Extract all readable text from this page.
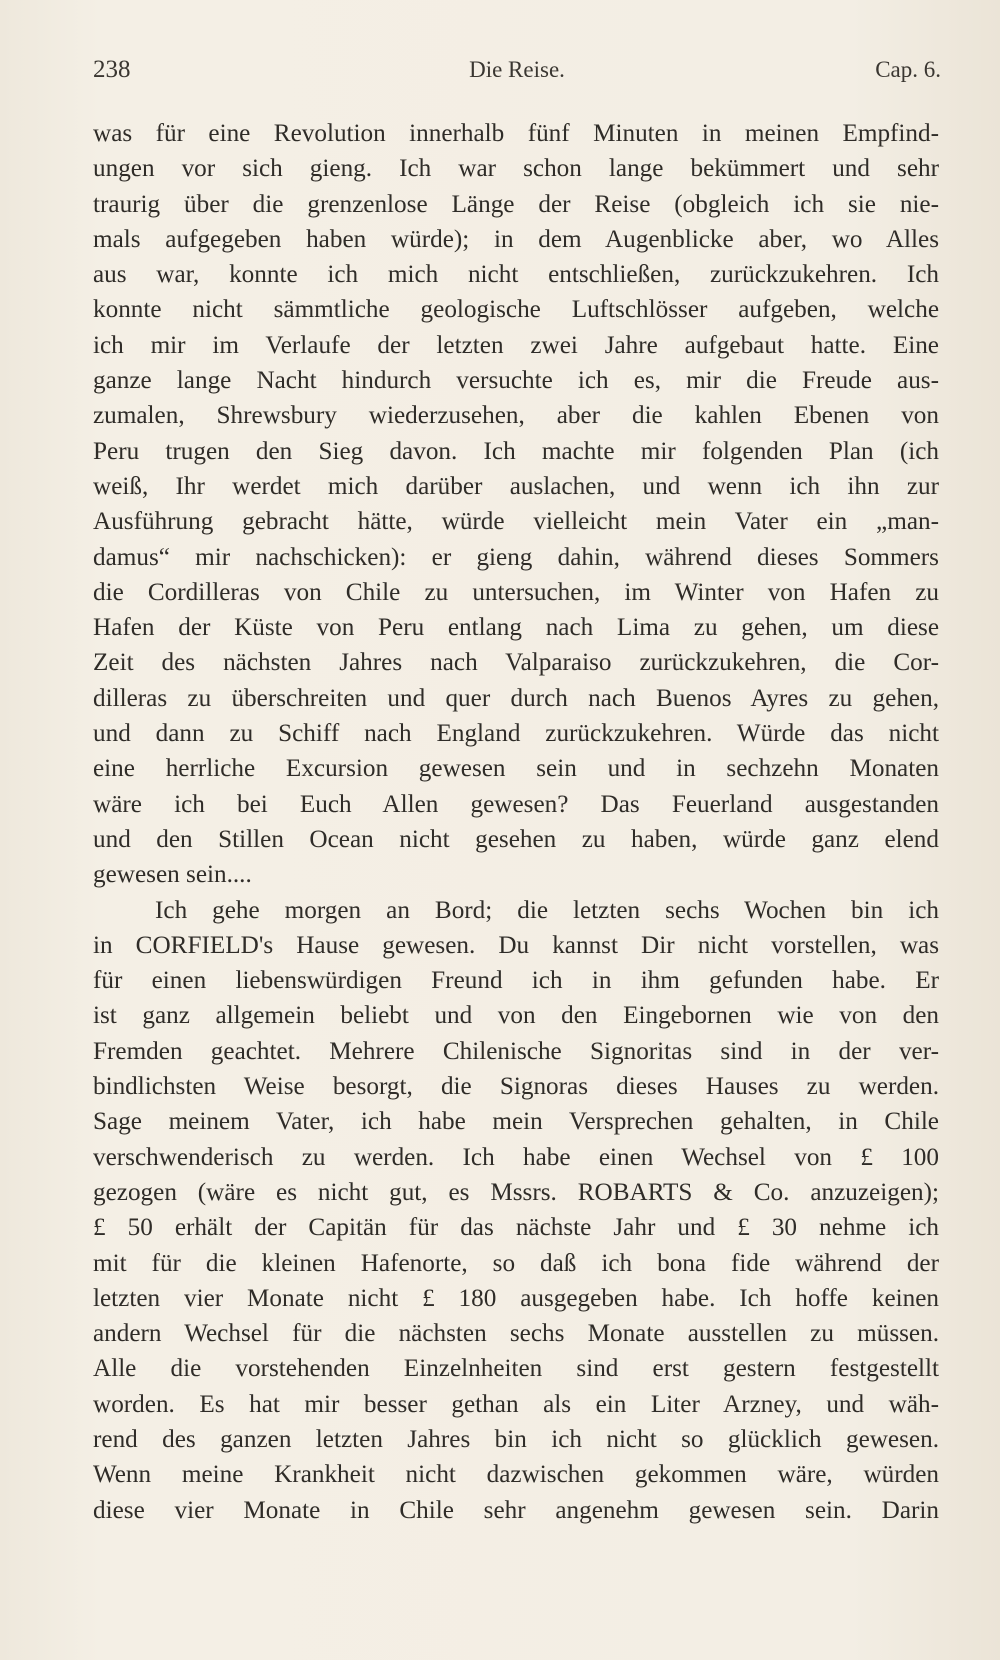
238	Die Reise.	Cap. 6.
was für eine Revolution innerhalb fünf Minuten in meinen Empfind-
ungen vor sich gieng. Ich war schon lange bekümmert und sehr
traurig über die grenzenlose Länge der Reise (obgleich ich sie nie-
mals aufgegeben haben würde); in dem Augenblicke aber, wo Alles
aus war, konnte ich mich nicht entschließen, zurückzukehren. Ich
konnte nicht sämmtliche geologische Luftschlösser aufgeben, welche
ich mir im Verlaufe der letzten zwei Jahre aufgebaut hatte. Eine
ganze lange Nacht hindurch versuchte ich es, mir die Freude aus-
zumalen, Shrewsbury wiederzusehen, aber die kahlen Ebenen von
Peru trugen den Sieg davon. Ich machte mir folgenden Plan (ich
weiß, Ihr werdet mich darüber auslachen, und wenn ich ihn zur
Ausführung gebracht hätte, würde vielleicht mein Vater ein „man-
damus“ mir nachschicken): er gieng dahin, während dieses Sommers
die Cordilleras von Chile zu untersuchen, im Winter von Hafen zu
Hafen der Küste von Peru entlang nach Lima zu gehen, um diese
Zeit des nächsten Jahres nach Valparaiso zurückzukehren, die Cor-
dilleras zu überschreiten und quer durch nach Buenos Ayres zu gehen,
und dann zu Schiff nach England zurückzukehren. Würde das nicht
eine herrliche Excursion gewesen sein und in sechzehn Monaten
wäre ich bei Euch Allen gewesen? Das Feuerland ausgestanden
und den Stillen Ocean nicht gesehen zu haben, würde ganz elend
gewesen sein....
Ich gehe morgen an Bord; die letzten sechs Wochen bin ich
in CORFIELD's Hause gewesen. Du kannst Dir nicht vorstellen, was
für einen liebenswürdigen Freund ich in ihm gefunden habe. Er
ist ganz allgemein beliebt und von den Eingebornen wie von den
Fremden geachtet. Mehrere Chilenische Signoritas sind in der ver-
bindlichsten Weise besorgt, die Signoras dieses Hauses zu werden.
Sage meinem Vater, ich habe mein Versprechen gehalten, in Chile
verschwenderisch zu werden. Ich habe einen Wechsel von £ 100
gezogen (wäre es nicht gut, es Mssrs. ROBARTS & Co. anzuzeigen);
£ 50 erhält der Capitän für das nächste Jahr und £ 30 nehme ich
mit für die kleinen Hafenorte, so daß ich bona fide während der
letzten vier Monate nicht £ 180 ausgegeben habe. Ich hoffe keinen
andern Wechsel für die nächsten sechs Monate ausstellen zu müssen.
Alle die vorstehenden Einzelnheiten sind erst gestern festgestellt
worden. Es hat mir besser gethan als ein Liter Arzney, und wäh-
rend des ganzen letzten Jahres bin ich nicht so glücklich gewesen.
Wenn meine Krankheit nicht dazwischen gekommen wäre, würden
diese vier Monate in Chile sehr angenehm gewesen sein. Darin
